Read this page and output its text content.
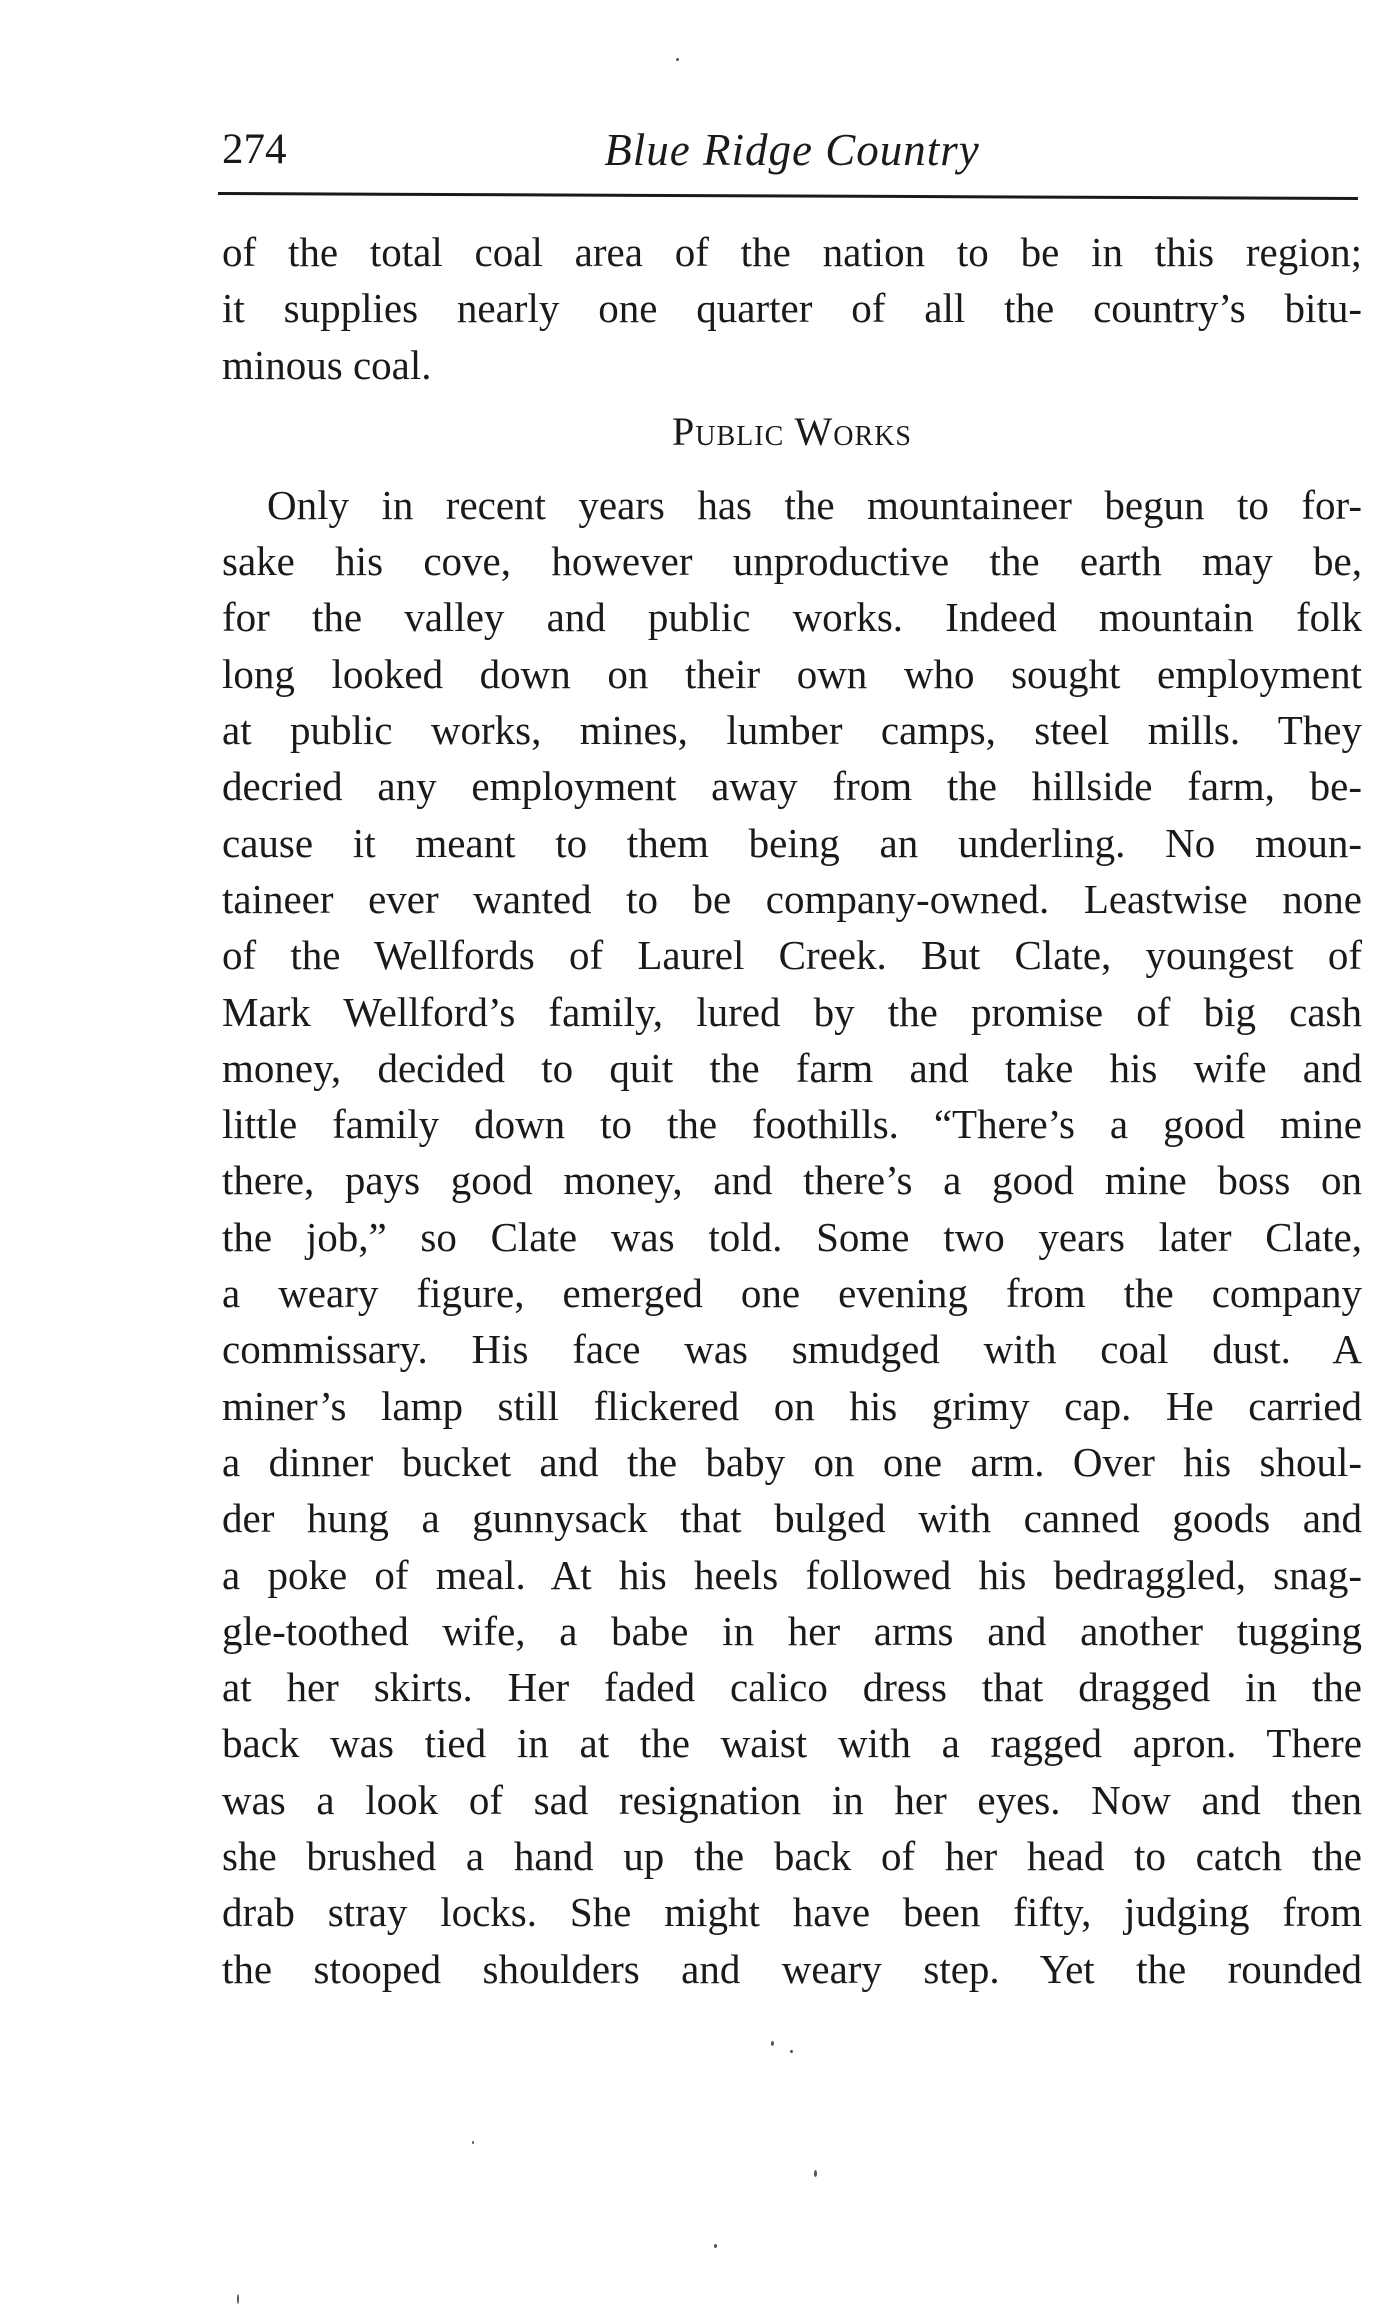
274	Blue Ridge Country
of the total coal area of the nation to be in this region;
it supplies nearly one quarter of all the country’s bitu-
minous coal.
Public Works
Only in recent years has the mountaineer begun to for-
sake his cove, however unproductive the earth may be,
for the valley and public works. Indeed mountain folk
long looked down on their own who sought employment
at public works, mines, lumber camps, steel mills. They
decried any employment away from the hillside farm, be-
cause it meant to them being an underling. No moun-
taineer ever wanted to be company-owned. Leastwise none
of the Wellfords of Laurel Creek. But Clate, youngest of
Mark Wellford’s family, lured by the promise of big cash
money, decided to quit the farm and take his wife and
little family down to the foothills. “There’s a good mine
there, pays good money, and there’s a good mine boss on
the job,” so Clate was told. Some two years later Clate,
a weary figure, emerged one evening from the company
commissary. His face was smudged with coal dust. A
miner’s lamp still flickered on his grimy cap. He carried
a dinner bucket and the baby on one arm. Over his shoul-
der hung a gunnysack that bulged with canned goods and
a poke of meal. At his heels followed his bedraggled, snag-
gle-toothed wife, a babe in her arms and another tugging
at her skirts. Her faded calico dress that dragged in the
back was tied in at the waist with a ragged apron. There
was a look of sad resignation in her eyes. Now and then
she brushed a hand up the back of her head to catch the
drab stray locks. She might have been fifty, judging from
the stooped shoulders and weary step. Yet the rounded
